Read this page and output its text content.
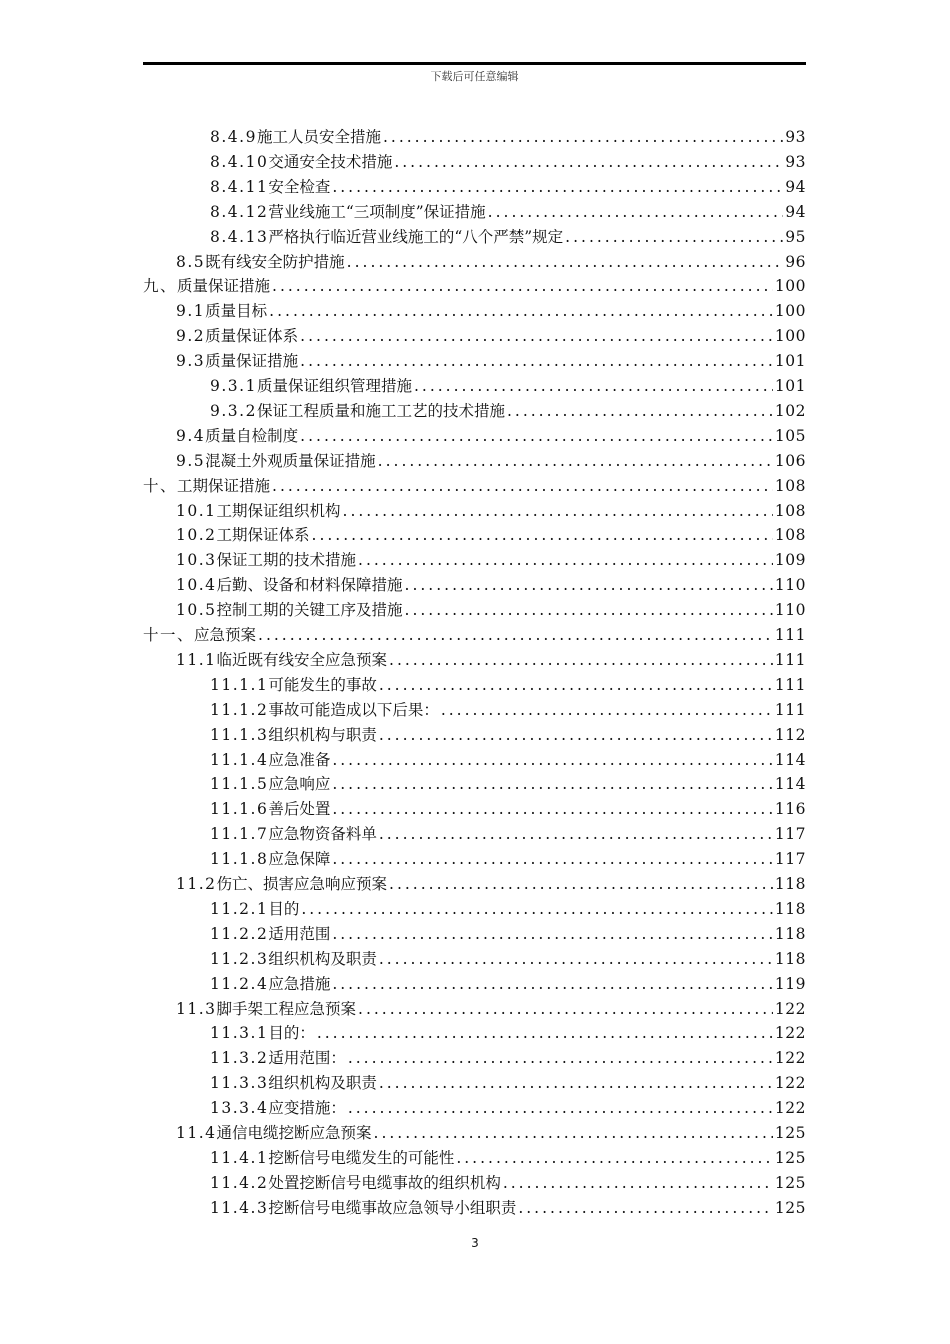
下载后可任意编辑
8.4.9 施工人员安全措施 .....	93
8.4.10 交通安全技术措施 .....	93
8.4.11 安全检查 .....	94
8.4.12 营业线施工“三项制度”保证措施 .....	94
8.4.13 严格执行临近营业线施工的“八个严禁”规定 .....	95
8.5 既有线安全防护措施 .....	96
九、 质量保证措施 .....	100
9.1 质量目标 .....	100
9.2 质量保证体系 .....	100
9.3 质量保证措施 .....	101
9.3.1 质量保证组织管理措施 .....	101
9.3.2 保证工程质量和施工工艺的技术措施 .....	102
9.4 质量自检制度 .....	105
9.5 混凝土外观质量保证措施 .....	106
十、 工期保证措施 .....	108
10.1 工期保证组织机构 .....	108
10.2 工期保证体系 .....	108
10.3 保证工期的技术措施 .....	109
10.4 后勤、设备和材料保障措施 .....	110
10.5 控制工期的关键工序及措施 .....	110
十一、 应急预案 .....	111
11.1 临近既有线安全应急预案 .....	111
11.1.1 可能发生的事故 .....	111
11.1.2 事故可能造成以下后果： .....	111
11.1.3 组织机构与职责 .....	112
11.1.4 应急准备 .....	114
11.1.5 应急响应 .....	114
11.1.6 善后处置 .....	116
11.1.7 应急物资备料单 .....	117
11.1.8 应急保障 .....	117
11.2 伤亡、损害应急响应预案 .....	118
11.2.1 目的 .....	118
11.2.2 适用范围 .....	118
11.2.3 组织机构及职责 .....	118
11.2.4 应急措施 .....	119
11.3 脚手架工程应急预案 .....	122
11.3.1 目的： .....	122
11.3.2 适用范围： .....	122
11.3.3 组织机构及职责 .....	122
13.3.4 应变措施： .....	122
11.4 通信电缆挖断应急预案 .....	125
11.4.1 挖断信号电缆发生的可能性 .....	125
11.4.2 处置挖断信号电缆事故的组织机构 .....	125
11.4.3 挖断信号电缆事故应急领导小组职责 .....	125
3
